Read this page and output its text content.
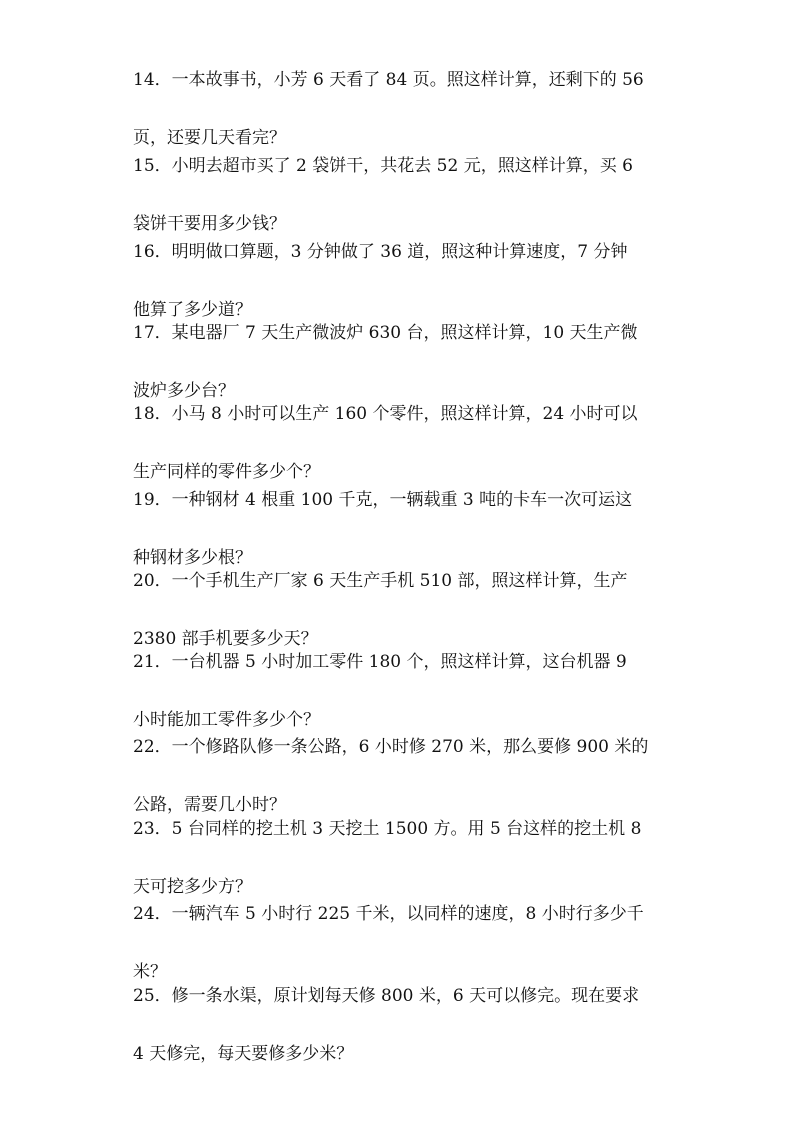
14．一本故事书，小芳 6 天看了 84 页。照这样计算，还剩下的 56
页，还要几天看完？
15．小明去超市买了 2 袋饼干，共花去 52 元，照这样计算，买 6
袋饼干要用多少钱？
16．明明做口算题，3 分钟做了 36 道，照这种计算速度，7 分钟
他算了多少道？
17．某电器厂 7 天生产微波炉 630 台，照这样计算，10 天生产微
波炉多少台？
18．小马 8 小时可以生产 160 个零件，照这样计算，24 小时可以
生产同样的零件多少个？
19．一种钢材 4 根重 100 千克，一辆载重 3 吨的卡车一次可运这
种钢材多少根？
20．一个手机生产厂家 6 天生产手机 510 部，照这样计算，生产
2380 部手机要多少天？
21．一台机器 5 小时加工零件 180 个，照这样计算，这台机器 9
小时能加工零件多少个？
22．一个修路队修一条公路，6 小时修 270 米，那么要修 900 米的
公路，需要几小时？
23．5 台同样的挖土机 3 天挖土 1500 方。用 5 台这样的挖土机 8
天可挖多少方？
24．一辆汽车 5 小时行 225 千米，以同样的速度，8 小时行多少千
米？
25．修一条水渠，原计划每天修 800 米，6 天可以修完。现在要求
4 天修完，每天要修多少米？
